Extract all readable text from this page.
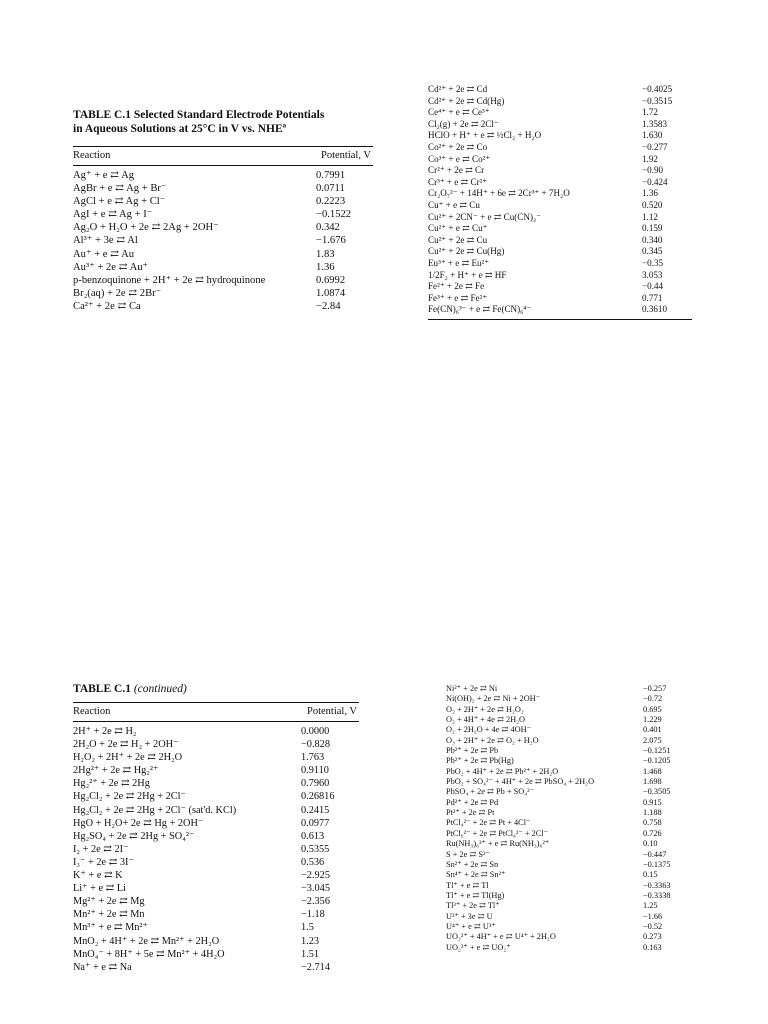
TABLE C.1 Selected Standard Electrode Potentials
in Aqueous Solutions at 25°C in V vs. NHEª
Reaction	Potential, V
Ag⁺ + e ⇄ Ag	0.7991
AgBr + e ⇄ Ag + Br⁻	0.0711
AgCl + e ⇄ Ag + Cl⁻	0.2223
AgI + e ⇄ Ag + I⁻	−0.1522
Ag₂O + H₂O + 2e ⇄ 2Ag + 2OH⁻	0.342
Al³⁺ + 3e ⇄ Al	−1.676
Au⁺ + e ⇄ Au	1.83
Au³⁺ + 2e ⇄ Au⁺	1.36
p-benzoquinone + 2H⁺ + 2e ⇄ hydroquinone	0.6992
Br₂(aq) + 2e ⇄ 2Br⁻	1.0874
Ca²⁺ + 2e ⇄ Ca	−2.84
Cd²⁺ + 2e ⇄ Cd	−0.4025
Cd²⁺ + 2e ⇄ Cd(Hg)	−0.3515
Ce⁴⁺ + e ⇄ Ce³⁺	1.72
Cl₂(g) + 2e ⇄ 2Cl⁻	1.3583
HClO + H⁺ + e ⇄ ½Cl₂ + H₂O	1.630
Co²⁺ + 2e ⇄ Co	−0.277
Co³⁺ + e ⇄ Co²⁺	1.92
Cr²⁺ + 2e ⇄ Cr	−0.90
Cr³⁺ + e ⇄ Cr²⁺	−0.424
Cr₂O₇²⁻ + 14H⁺ + 6e ⇄ 2Cr³⁺ + 7H₂O	1.36
Cu⁺ + e ⇄ Cu	0.520
Cu²⁺ + 2CN⁻ + e ⇄ Cu(CN)₂⁻	1.12
Cu²⁺ + e ⇄ Cu⁺	0.159
Cu²⁺ + 2e ⇄ Cu	0.340
Cu²⁺ + 2e ⇄ Cu(Hg)	0.345
Eu³⁺ + e ⇄ Eu²⁺	−0.35
1/2F₂ + H⁺ + e ⇄ HF	3.053
Fe²⁺ + 2e ⇄ Fe	−0.44
Fe³⁺ + e ⇄ Fe²⁺	0.771
Fe(CN)₆³⁻ + e ⇄ Fe(CN)₆⁴⁻	0.3610
TABLE C.1 (continued)
Reaction	Potential, V
2H⁺ + 2e ⇄ H₂	0.0000
2H₂O + 2e ⇄ H₂ + 2OH⁻	−0.828
H₂O₂ + 2H⁺ + 2e ⇄ 2H₂O	1.763
2Hg²⁺ + 2e ⇄ Hg₂²⁺	0.9110
Hg₂²⁺ + 2e ⇄ 2Hg	0.7960
Hg₂Cl₂ + 2e ⇄ 2Hg + 2Cl⁻	0.26816
Hg₂Cl₂ + 2e ⇄ 2Hg + 2Cl⁻ (sat'd. KCl)	0.2415
HgO + H₂O+ 2e ⇄ Hg + 2OH⁻	0.0977
Hg₂SO₄ + 2e ⇄ 2Hg + SO₄²⁻	0.613
I₂ + 2e ⇄ 2I⁻	0.5355
I₃⁻ + 2e ⇄ 3I⁻	0.536
K⁺ + e ⇄ K	−2.925
Li⁺ + e ⇄ Li	−3.045
Mg²⁺ + 2e ⇄ Mg	−2.356
Mn²⁺ + 2e ⇄ Mn	−1.18
Mn³⁺ + e ⇄ Mn²⁺	1.5
MnO₂ + 4H⁺ + 2e ⇄ Mn²⁺ + 2H₂O	1.23
MnO₄⁻ + 8H⁺ + 5e ⇄ Mn²⁺ + 4H₂O	1.51
Na⁺ + e ⇄ Na	−2.714
Ni²⁺ + 2e ⇄ Ni	−0.257
Ni(OH)₂ + 2e ⇄ Ni + 2OH⁻	−0.72
O₂ + 2H⁺ + 2e ⇄ H₂O₂	0.695
O₂ + 4H⁺ + 4e ⇄ 2H₂O	1.229
O₂ + 2H₂O + 4e ⇄ 4OH⁻	0.401
O₃ + 2H⁺ + 2e ⇄ O₂ + H₂O	2.075
Pb²⁺ + 2e ⇄ Pb	−0.1251
Pb²⁺ + 2e ⇄ Pb(Hg)	−0.1205
PbO₂ + 4H⁺ + 2e ⇄ Pb²⁺ + 2H₂O	1.468
PbO₂ + SO₄²⁻ + 4H⁺ + 2e ⇄ PbSO₄ + 2H₂O	1.698
PbSO₄ + 2e ⇄ Pb + SO₄²⁻	−0.3505
Pd²⁺ + 2e ⇄ Pd	0.915
Pt²⁺ + 2e ⇄ Pt	1.188
PtCl₄²⁻ + 2e ⇄ Pt + 4Cl⁻	0.758
PtCl₆²⁻ + 2e ⇄ PtCl₄²⁻ + 2Cl⁻	0.726
Ru(NH₃)₆³⁺ + e ⇄ Ru(NH₃)₆²⁺	0.10
S + 2e ⇄ S²⁻	−0.447
Sn²⁺ + 2e ⇄ Sn	−0.1375
Sn⁴⁺ + 2e ⇄ Sn²⁺	0.15
Tl⁺ + e ⇄ Tl	−0.3363
Tl⁺ + e ⇄ Tl(Hg)	−0.3338
Tl³⁺ + 2e ⇄ Tl⁺	1.25
U³⁺ + 3e ⇄ U	−1.66
U⁴⁺ + e ⇄ U³⁺	−0.52
UO₂²⁺ + 4H⁺ + e ⇄ U⁴⁺ + 2H₂O	0.273
UO₂²⁺ + e ⇄ UO₂⁺	0.163
